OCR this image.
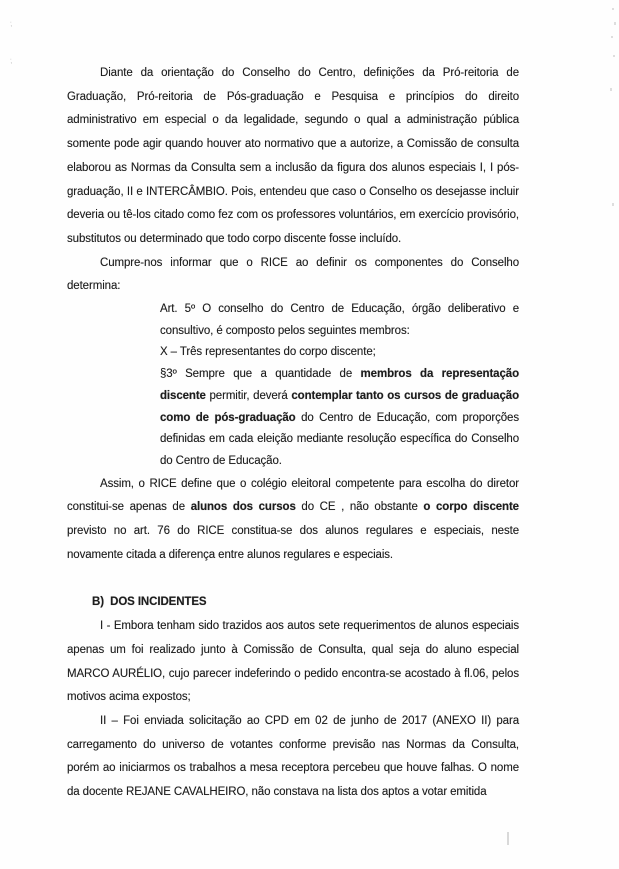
;
;

Diante da orientação do Conselho do Centro, definições da Pró-reitoria de Graduação, Pró-reitoria de Pós-graduação e Pesquisa e princípios do direito administrativo em especial o da legalidade, segundo o qual a administração pública somente pode agir quando houver ato normativo que a autorize, a Comissão de consulta elaborou as Normas da Consulta sem a inclusão da figura dos alunos especiais I, I pós-graduação, II e INTERCÂMBIO. Pois, entendeu que caso o Conselho os desejasse incluir deveria ou tê-los citado como fez com os professores voluntários, em exercício provisório, substitutos ou determinado que todo corpo discente fosse incluído.

Cumpre-nos informar que o RICE ao definir os componentes do Conselho determina:

Art. 5º O conselho do Centro de Educação, órgão deliberativo e consultivo, é composto pelos seguintes membros:

X – Três representantes do corpo discente;

§3º Sempre que a quantidade de membros da representação discente permitir, deverá contemplar tanto os cursos de graduação como de pós-graduação do Centro de Educação, com proporções definidas em cada eleição mediante resolução específica do Conselho do Centro de Educação.

Assim, o RICE define que o colégio eleitoral competente para escolha do diretor constitui-se apenas de alunos dos cursos do CE , não obstante o corpo discente previsto no art. 76 do RICE constitua-se dos alunos regulares e especiais, neste novamente citada a diferença entre alunos regulares e especiais.

B)  DOS INCIDENTES

I - Embora tenham sido trazidos aos autos sete requerimentos de alunos especiais apenas um foi realizado junto à Comissão de Consulta, qual seja do aluno especial MARCO AURÉLIO, cujo parecer indeferindo o pedido encontra-se acostado à fl.06, pelos motivos acima expostos;

II – Foi enviada solicitação ao CPD em 02 de junho de 2017 (ANEXO II) para carregamento do universo de votantes conforme previsão nas Normas da Consulta, porém ao iniciarmos os trabalhos a mesa receptora percebeu que houve falhas. O nome da docente REJANE CAVALHEIRO, não constava na lista dos aptos a votar emitida
